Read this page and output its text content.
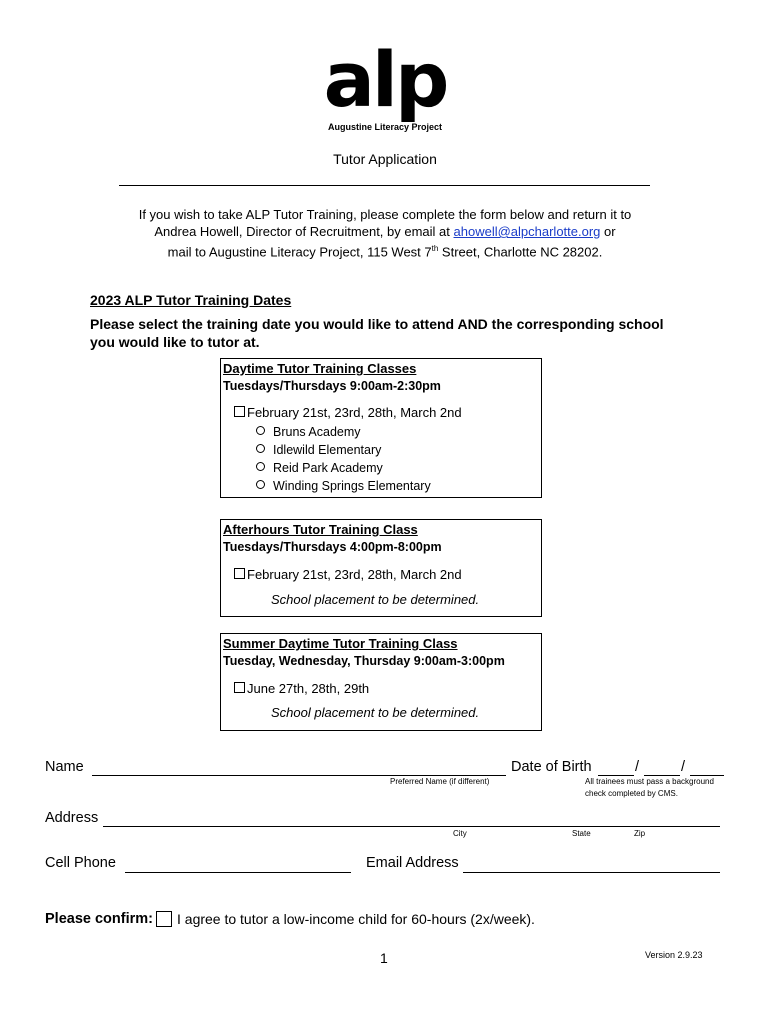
alp
Augustine Literacy Project
Tutor Application
If you wish to take ALP Tutor Training, please complete the form below and return it to
Andrea Howell, Director of Recruitment, by email at ahowell@alpcharlotte.org or
mail to Augustine Literacy Project, 115 West 7th Street, Charlotte NC 28202.
2023 ALP Tutor Training Dates
Please select the training date you would like to attend AND the corresponding school you would like to tutor at.
Daytime Tutor Training Classes
Tuesdays/Thursdays 9:00am-2:30pm
February 21st, 23rd, 28th, March 2nd
Bruns Academy
Idlewild Elementary
Reid Park Academy
Winding Springs Elementary
Afterhours Tutor Training Class
Tuesdays/Thursdays 4:00pm-8:00pm
February 21st, 23rd, 28th, March 2nd
School placement to be determined.
Summer Daytime Tutor Training Class
Tuesday, Wednesday, Thursday 9:00am-3:00pm
June 27th, 28th, 29th
School placement to be determined.
Name
Preferred Name (if different)
Date of Birth	/	/
All trainees must pass a background
check completed by CMS.
Address
City	State	Zip
Cell Phone	Email Address
Please confirm: I agree to tutor a low-income child for 60-hours (2x/week).
1	Version 2.9.23
